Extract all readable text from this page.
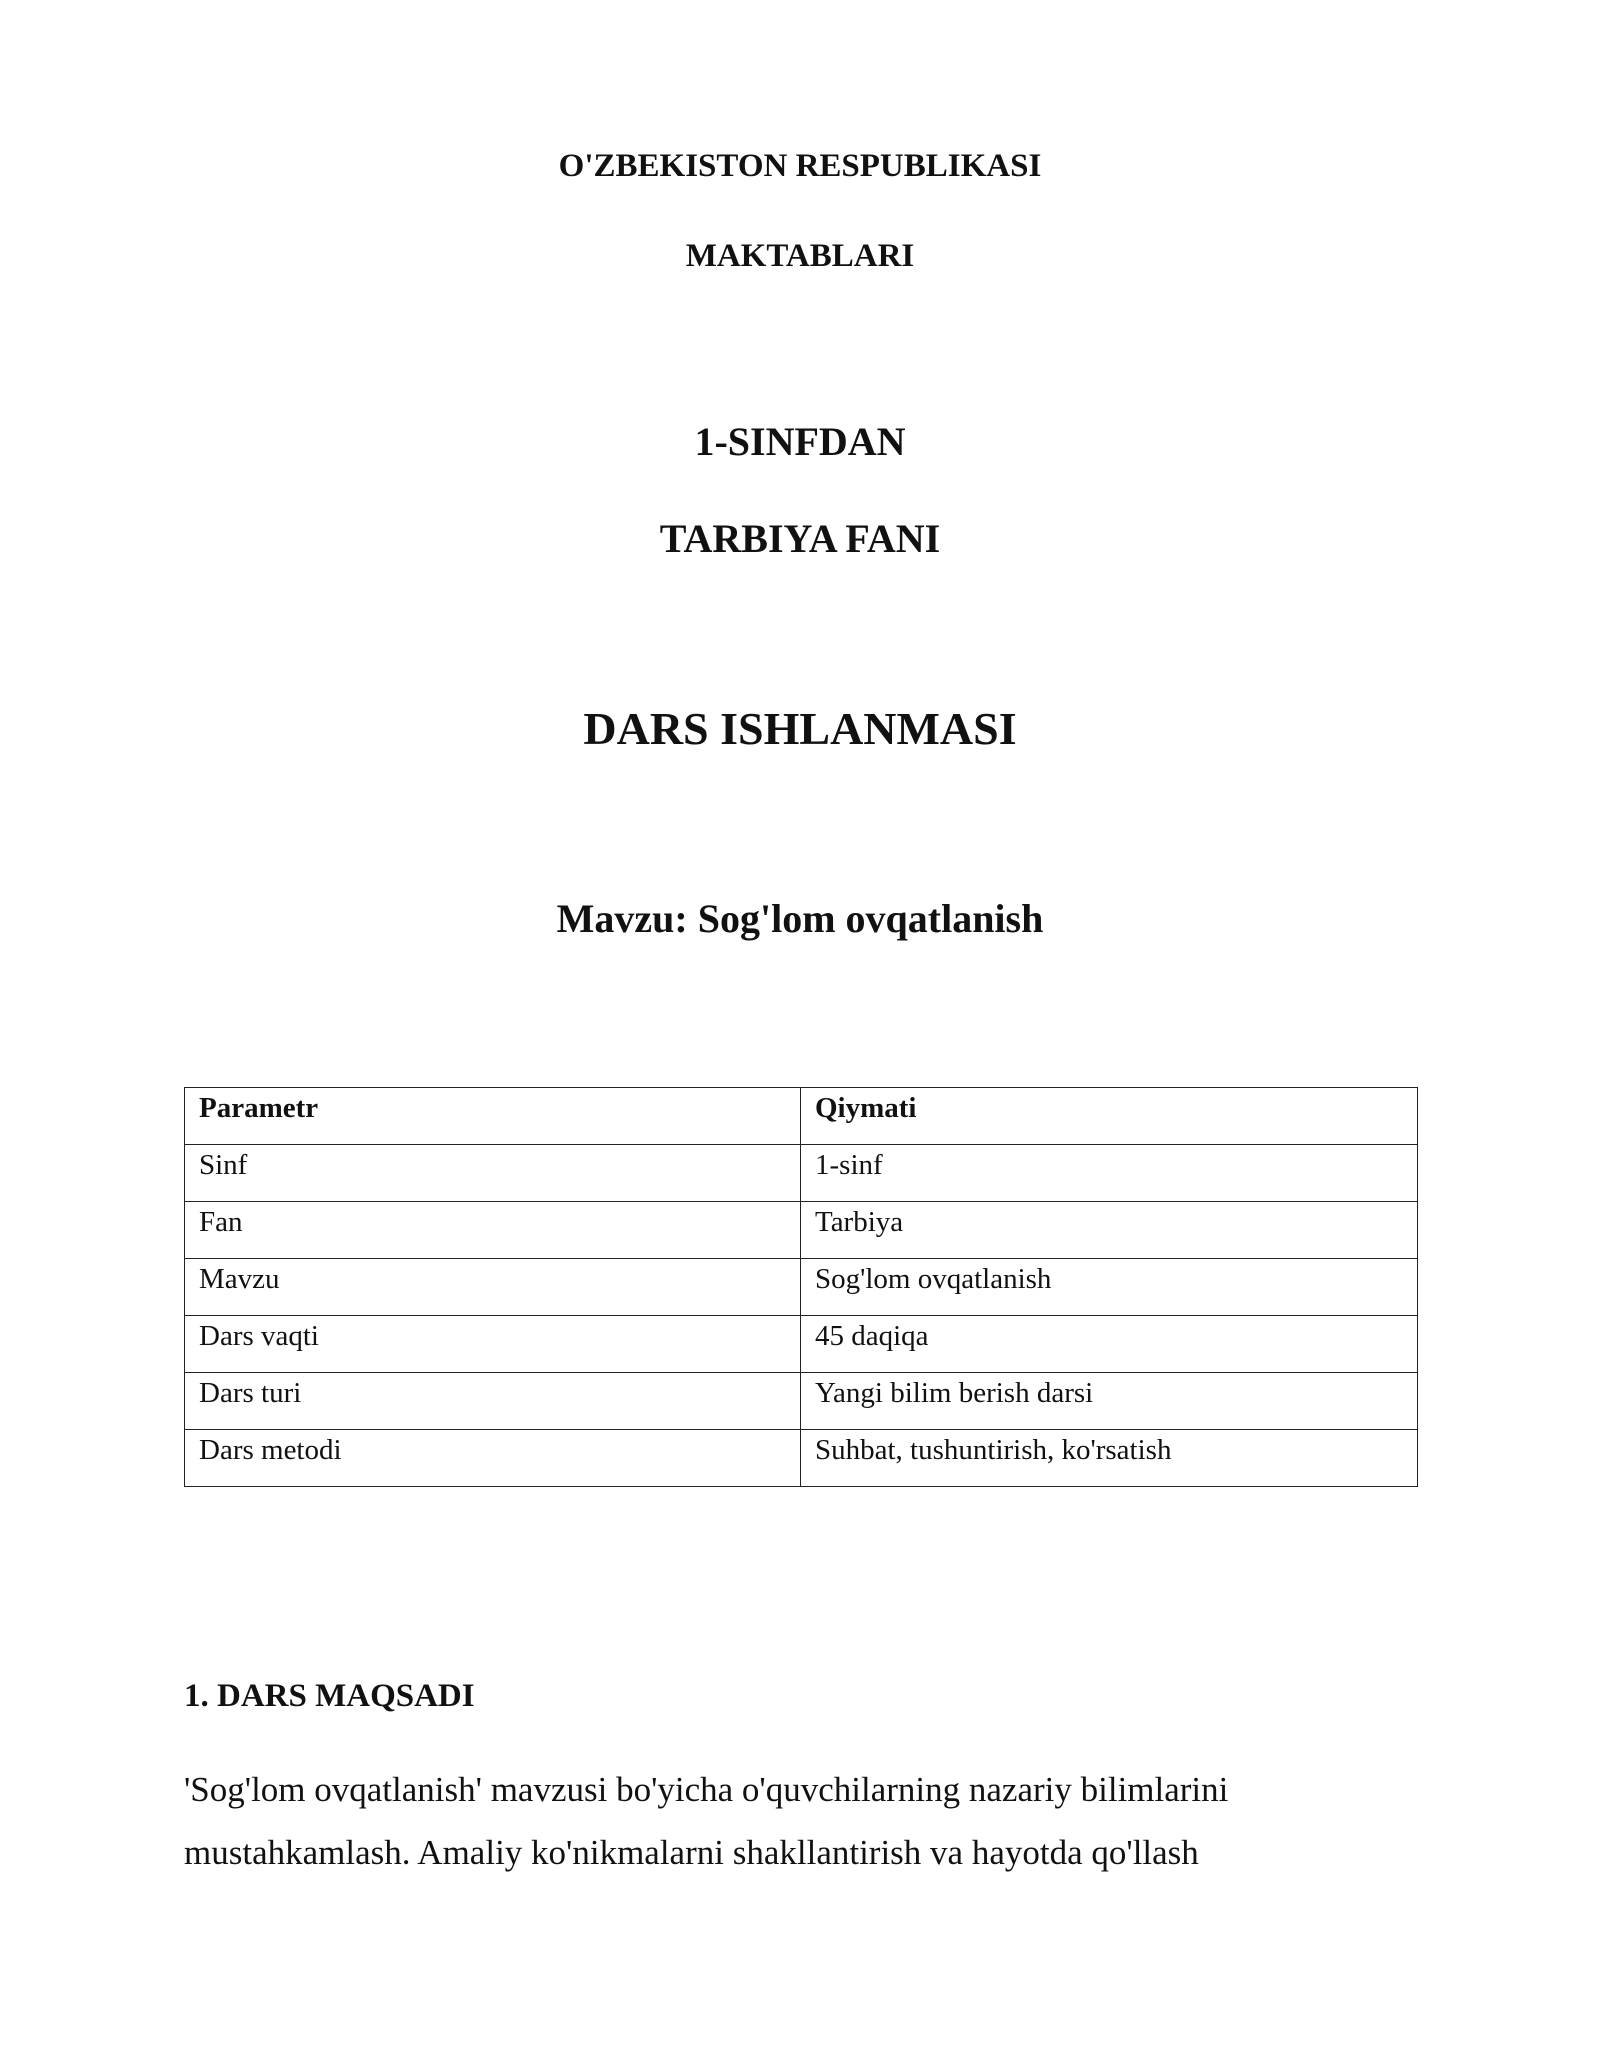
O'ZBEKISTON RESPUBLIKASI
MAKTABLARI
1-SINFDAN
TARBIYA FANI
DARS ISHLANMASI
Mavzu: Sog'lom ovqatlanish
Parametr	Qiymati
Sinf	1-sinf
Fan	Tarbiya
Mavzu	Sog'lom ovqatlanish
Dars vaqti	45 daqiqa
Dars turi	Yangi bilim berish darsi
Dars metodi	Suhbat, tushuntirish, ko'rsatish
1. DARS MAQSADI
'Sog'lom ovqatlanish' mavzusi bo'yicha o'quvchilarning nazariy bilimlarini
mustahkamlash. Amaliy ko'nikmalarni shakllantirish va hayotda qo'llash
